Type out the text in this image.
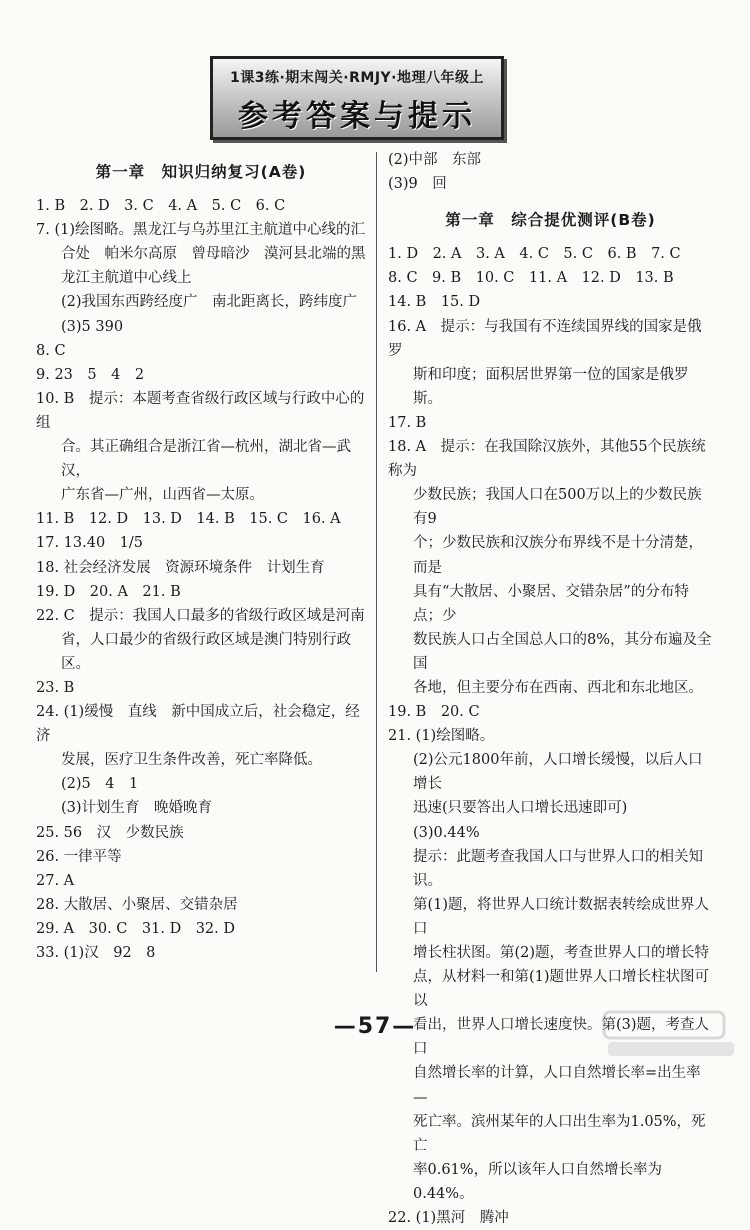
1课3练·期末闯关·RMJY·地理八年级上
参考答案与提示
第一章　知识归纳复习(A卷)
1. B　2. D　3. C　4. A　5. C　6. C
7. (1)绘图略。黑龙江与乌苏里江主航道中心线的汇
合处　帕米尔高原　曾母暗沙　漠河县北端的黑
龙江主航道中心线上
(2)我国东西跨经度广　南北距离长，跨纬度广
(3)5 390
8. C
9. 23　5　4　2
10. B　提示：本题考查省级行政区域与行政中心的组
合。其正确组合是浙江省—杭州，湖北省—武汉，
广东省—广州，山西省—太原。
11. B　12. D　13. D　14. B　15. C　16. A
17. 13.40　1/5
18. 社会经济发展　资源环境条件　计划生育
19. D　20. A　21. B
22. C　提示：我国人口最多的省级行政区域是河南
省，人口最少的省级行政区域是澳门特别行政区。
23. B
24. (1)缓慢　直线　新中国成立后，社会稳定，经济
发展，医疗卫生条件改善，死亡率降低。
(2)5　4　1
(3)计划生育　晚婚晚育
25. 56　汉　少数民族
26. 一律平等
27. A
28. 大散居、小聚居、交错杂居
29. A　30. C　31. D　32. D
33. (1)汉　92　8
(2)中部　东部
(3)9　回
第一章　综合提优测评(B卷)
1. D　2. A　3. A　4. C　5. C　6. B　7. C
8. C　9. B　10. C　11. A　12. D　13. B
14. B　15. D
16. A　提示：与我国有不连续国界线的国家是俄罗
斯和印度；面积居世界第一位的国家是俄罗斯。
17. B
18. A　提示：在我国除汉族外，其他55个民族统称为
少数民族；我国人口在500万以上的少数民族有9
个；少数民族和汉族分布界线不是十分清楚，而是
具有“大散居、小聚居、交错杂居”的分布特点；少
数民族人口占全国总人口的8%，其分布遍及全国
各地，但主要分布在西南、西北和东北地区。
19. B　20. C
21. (1)绘图略。
(2)公元1800年前，人口增长缓慢，以后人口增长
迅速(只要答出人口增长迅速即可)
(3)0.44%
提示：此题考查我国人口与世界人口的相关知识。
第(1)题，将世界人口统计数据表转绘成世界人口
增长柱状图。第(2)题，考查世界人口的增长特
点，从材料一和第(1)题世界人口增长柱状图可以
看出，世界人口增长速度快。第(3)题，考查人口
自然增长率的计算，人口自然增长率=出生率—
死亡率。滨州某年的人口出生率为1.05%，死亡
率0.61%，所以该年人口自然增长率为0.44%。
22. (1)黑河　腾冲
—57—
